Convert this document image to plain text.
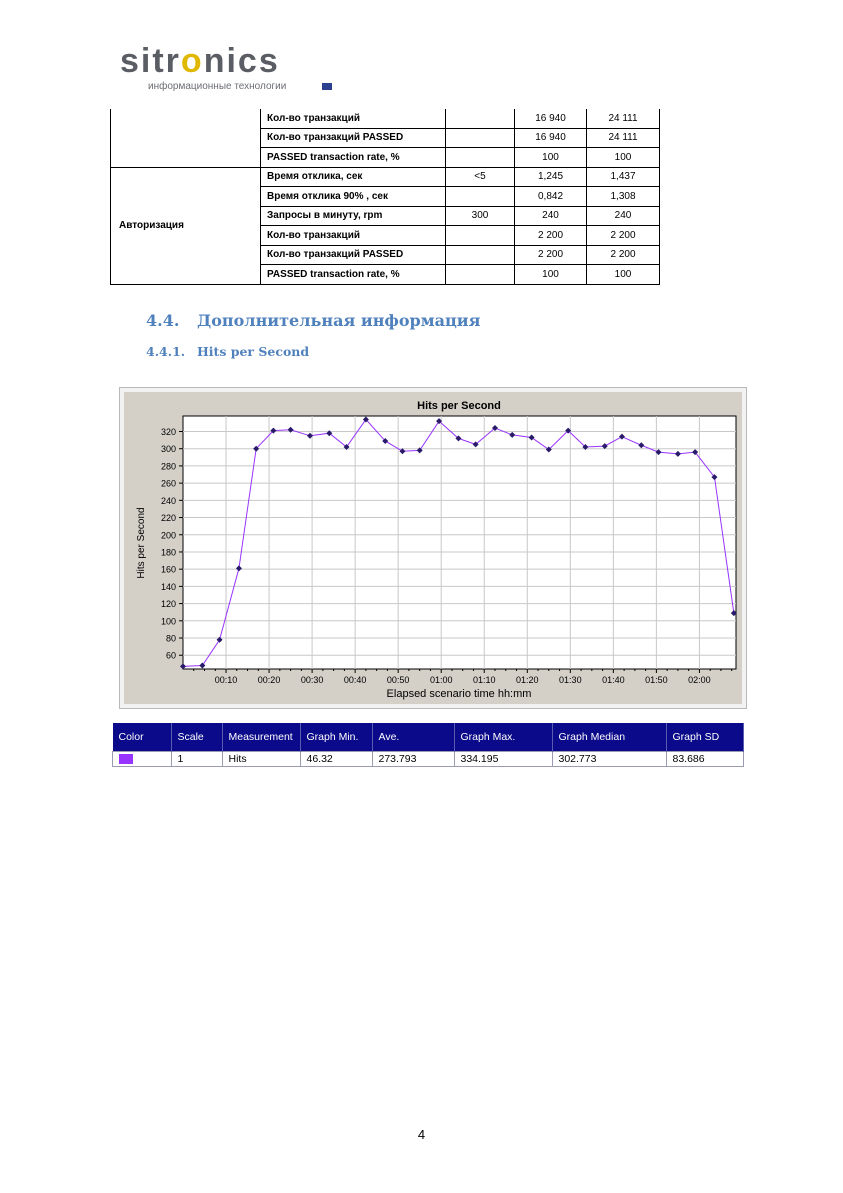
sitronics
информационные технологии
	Кол-во транзакций		16 940	24 111
	Кол-во транзакций PASSED		16 940	24 111
	PASSED transaction rate, %		100	100
Авторизация	Время отклика, сек	<5	1,245	1,437
	Время отклика 90% , сек		0,842	1,308
	Запросы в минуту, rpm	300	240	240
	Кол-во транзакций		2 200	2 200
	Кол-во транзакций PASSED		2 200	2 200
	PASSED transaction rate, %		100	100
4.4. Дополнительная информация
4.4.1. Hits per Second
60
80
100
120
140
160
180
200
220
240
260
280
300
320
00:10 00:20 00:30 00:40 00:50 01:00 01:10 01:20 01:30 01:40 01:50 02:00
Hits per Second
Elapsed scenario time hh:mm
Hits per Second
Color	Scale	Measurement	Graph Min.	Ave.	Graph Max.	Graph Median	Graph SD
	1	Hits	46.32	273.793	334.195	302.773	83.686
4
